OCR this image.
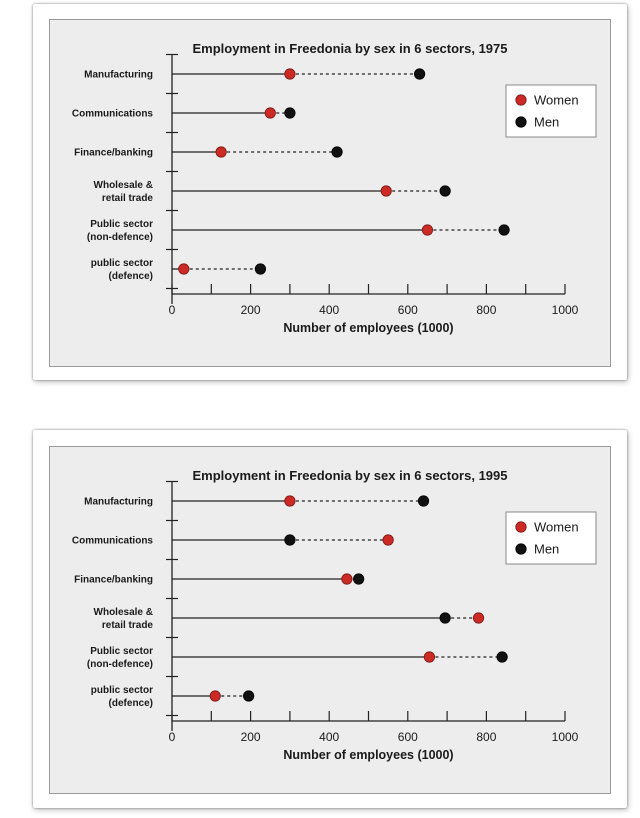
Employment in Freedonia by sex in 6 sectors, 1975
0	200	400	600	800	1000
Number of employees (1000)
Manufacturing
Communications
Finance/banking
Wholesale & retail trade
Public sector (non-defence)
public sector (defence)
Women
Men
Employment in Freedonia by sex in 6 sectors, 1995
0	200	400	600	800	1000
Number of employees (1000)
Manufacturing
Communications
Finance/banking
Wholesale & retail trade
Public sector (non-defence)
public sector (defence)
Women
Men
